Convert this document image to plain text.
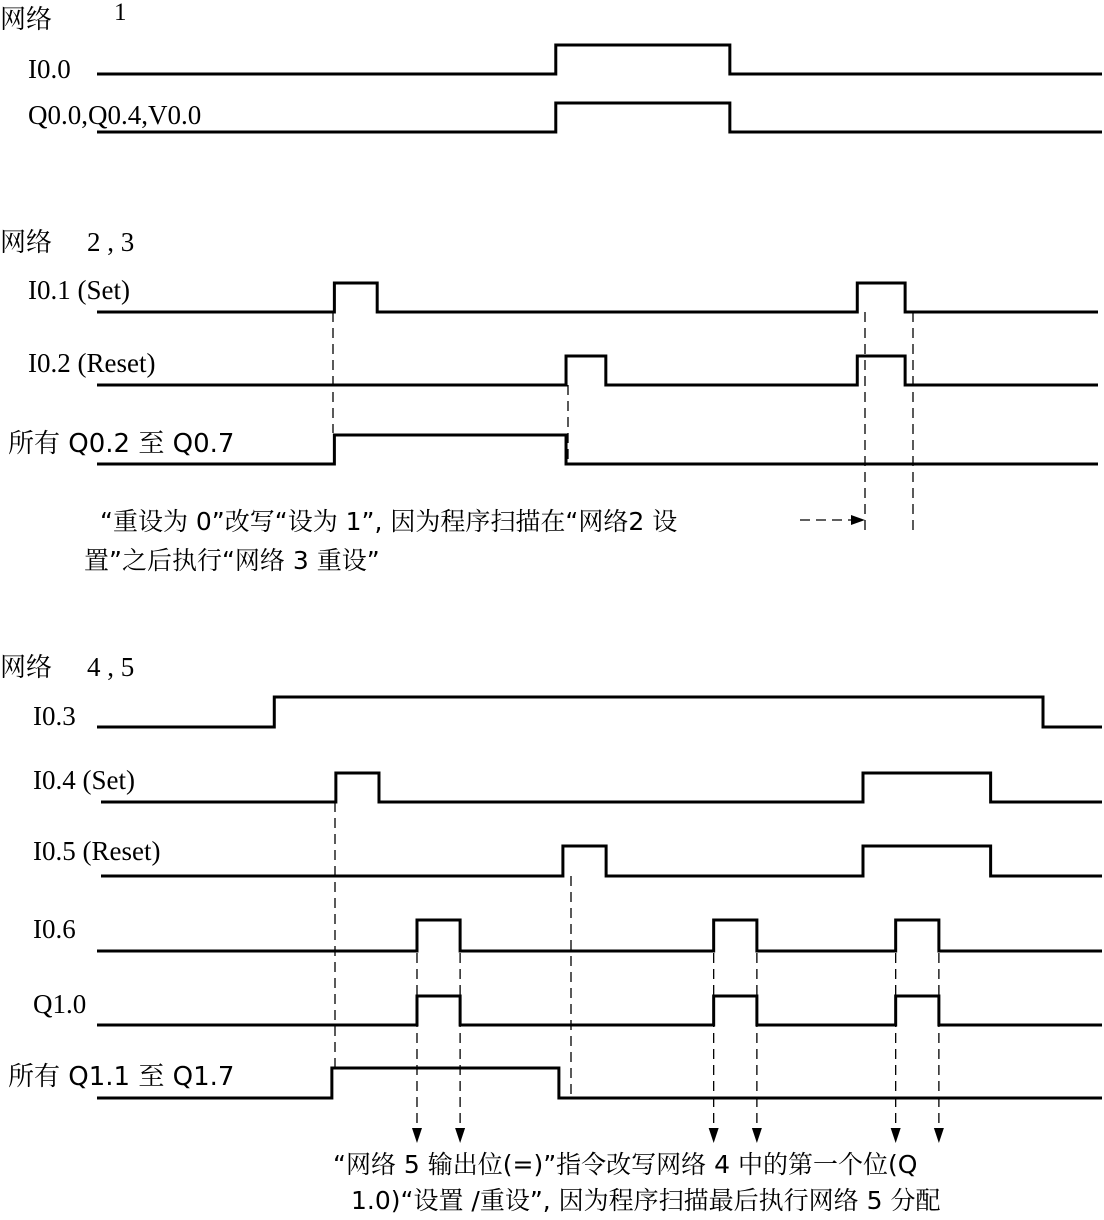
网络 1
I0.0
Q0.0,Q0.4,V0.0
网络 2 , 3
I0.1 (Set)
I0.2 (Reset)
所有 Q0.2 至 Q0.7
“重设为 0”改写“设为 1”, 因为程序扫描在“网络2 设
置”之后执行“网络 3 重设”
网络 4 , 5
I0.3
I0.4 (Set)
I0.5 (Reset)
I0.6
Q1.0
所有 Q1.1 至 Q1.7
“网络 5 输出位(=)”指令改写网络 4 中的第一个位(Q
1.0)“设置 /重设”, 因为程序扫描最后执行网络 5 分配
